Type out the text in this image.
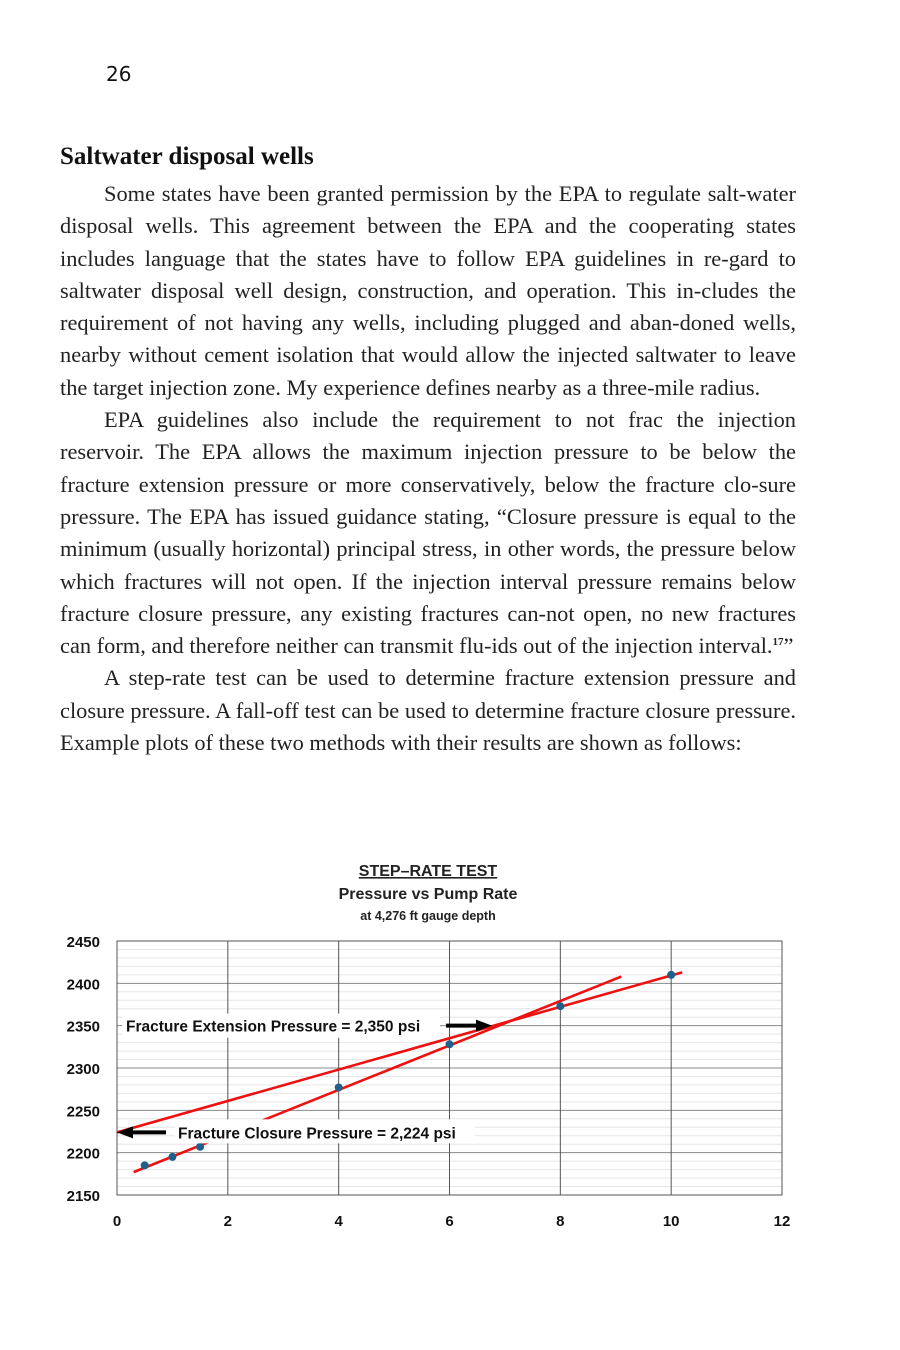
26
Saltwater disposal wells

Some states have been granted permission by the EPA to regulate salt-water disposal wells. This agreement between the EPA and the cooperating states includes language that the states have to follow EPA guidelines in re-gard to saltwater disposal well design, construction, and operation. This in-cludes the requirement of not having any wells, including plugged and aban-doned wells, nearby without cement isolation that would allow the injected saltwater to leave the target injection zone. My experience defines nearby as a three-mile radius.

EPA guidelines also include the requirement to not frac the injection reservoir. The EPA allows the maximum injection pressure to be below the fracture extension pressure or more conservatively, below the fracture clo-sure pressure. The EPA has issued guidance stating, “Closure pressure is equal to the minimum (usually horizontal) principal stress, in other words, the pressure below which fractures will not open. If the injection interval pressure remains below fracture closure pressure, any existing fractures can-not open, no new fractures can form, and therefore neither can transmit flu-ids out of the injection interval.$^{17}$”

A step-rate test can be used to determine fracture extension pressure and closure pressure. A fall-off test can be used to determine fracture closure pressure. Example plots of these two methods with their results are shown as follows:

STEP–RATE TEST
Pressure vs Pump Rate
at 4,276 ft gauge depth
2150
2200
2250
2300
2350
2400
2450
0	2	4	6	8	10	12
Fracture Extension Pressure = 2,350 psi
Fracture Closure Pressure = 2,224 psi
